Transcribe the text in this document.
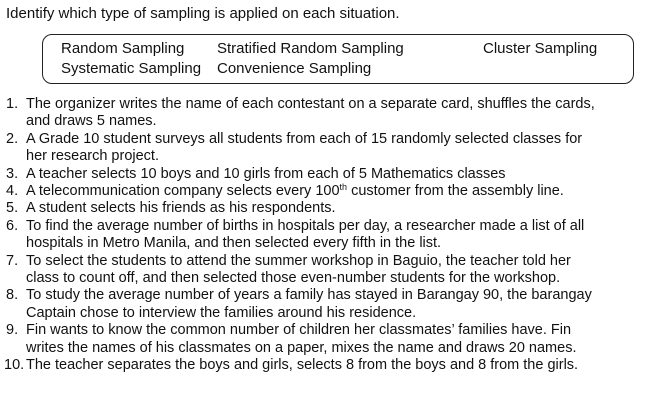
Identify which type of sampling is applied on each situation.
Random Sampling Stratified Random Sampling	Cluster Sampling
Systematic Sampling Convenience Sampling
1. The organizer writes the name of each contestant on a separate card, shuffles the cards,
and draws 5 names.
2. A Grade 10 student surveys all students from each of 15 randomly selected classes for
her research project.
3. A teacher selects 10 boys and 10 girls from each of 5 Mathematics classes
4. A telecommunication company selects every 100th customer from the assembly line.
5. A student selects his friends as his respondents.
6. To find the average number of births in hospitals per day, a researcher made a list of all
hospitals in Metro Manila, and then selected every fifth in the list.
7. To select the students to attend the summer workshop in Baguio, the teacher told her
class to count off, and then selected those even-number students for the workshop.
8. To study the average number of years a family has stayed in Barangay 90, the barangay
Captain chose to interview the families around his residence.
9. Fin wants to know the common number of children her classmates’ families have. Fin
writes the names of his classmates on a paper, mixes the name and draws 20 names.
10. The teacher separates the boys and girls, selects 8 from the boys and 8 from the girls.
